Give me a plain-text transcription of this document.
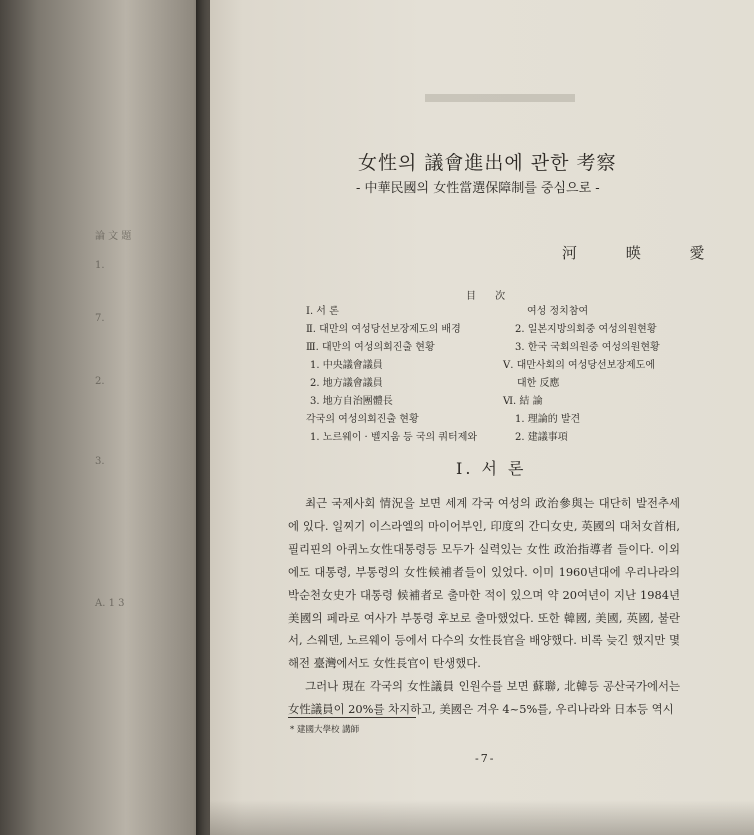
論 文 題
1.
7.
2.
3.
A. 1 3
女性의 議會進出에 관한 考察
- 中華民國의 女性當選保障制를 중심으로 -
河 暎 愛
目 次
Ⅰ. 서 론
Ⅱ. 대만의 여성당선보장제도의 배경
Ⅲ. 대만의 여성의회진출 현황
1. 中央議會議員
2. 地方議會議員
3. 地方自治團體長
각국의 여성의회진출 현황
1. 노르웨이 · 벨지움 등 국의 쿼터제와
여성 정치참여
2. 일본지방의회중 여성의원현황
3. 한국 국회의원중 여성의원현황
Ⅴ. 대만사회의 여성당선보장제도에
대한 反應
Ⅵ. 結 論
1. 理論的 발견
2. 建議事項
Ⅰ. 서 론

최근 국제사회 情況을 보면 세계 각국 여성의 政治參與는 대단히 발전추세에 있다. 일찌기 이스라엘의 마이어부인, 印度의 간디女史, 英國의 대처女首相, 필리핀의 아퀴노女性대통령등 모두가 실력있는 女性 政治指導者 들이다. 이외에도 대통령, 부통령의 女性候補者들이 있었다. 이미 1960년대에 우리나라의 박순천女史가 대통령 候補者로 출마한 적이 있으며 약 20여년이 지난 1984년 美國의 페라로 여사가 부통령 후보로 출마했었다. 또한 韓國, 美國, 英國, 불란서, 스웨덴, 노르웨이 등에서 다수의 女性長官을 배양했다. 비록 늦긴 했지만 몇해전 臺灣에서도 女性長官이 탄생했다.

그러나 現在 각국의 女性議員 인원수를 보면 蘇聯, 北韓등 공산국가에서는 女性議員이 20%를 차지하고, 美國은 겨우 4~5%를, 우리나라와 日本등 역시

* 建國大學校 講師
-7-
